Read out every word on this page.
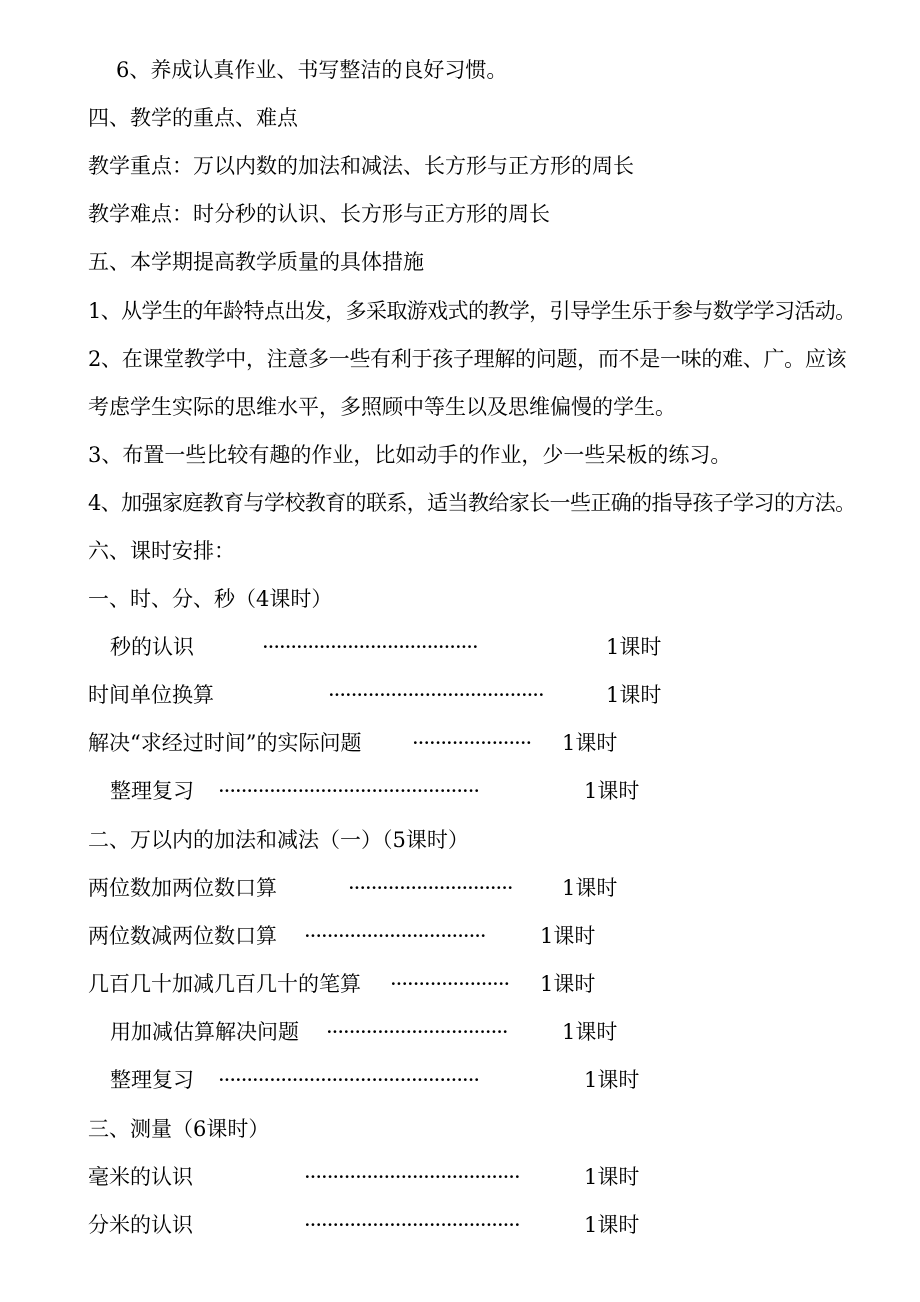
6、养成认真作业、书写整洁的良好习惯。
四、教学的重点、难点
教学重点：万以内数的加法和减法、长方形与正方形的周长
教学难点：时分秒的认识、长方形与正方形的周长
五、本学期提高教学质量的具体措施
1、从学生的年龄特点出发，多采取游戏式的教学，引导学生乐于参与数学学习活动。
2、在课堂教学中，注意多一些有利于孩子理解的问题，而不是一味的难、广。应该
考虑学生实际的思维水平，多照顾中等生以及思维偏慢的学生。
3、布置一些比较有趣的作业，比如动手的作业，少一些呆板的练习。
4、加强家庭教育与学校教育的联系，适当教给家长一些正确的指导孩子学习的方法。
六、课时安排：
一、时、分、秒（4课时）
秒的认识	······································	1课时
时间单位换算	······································	1课时
解决“求经过时间”的实际问题 ····················· 1课时
整理复习 ··············································	1课时
二、万以内的加法和减法（一）（5课时）
两位数加两位数口算	····························· 1课时
两位数减两位数口算 ································	1课时
几百几十加减几百几十的笔算 ····················· 1课时
用加减估算解决问题 ································	1课时
整理复习 ··············································	1课时
三、测量（6课时）
毫米的认识	······································	1课时
分米的认识	······································	1课时
